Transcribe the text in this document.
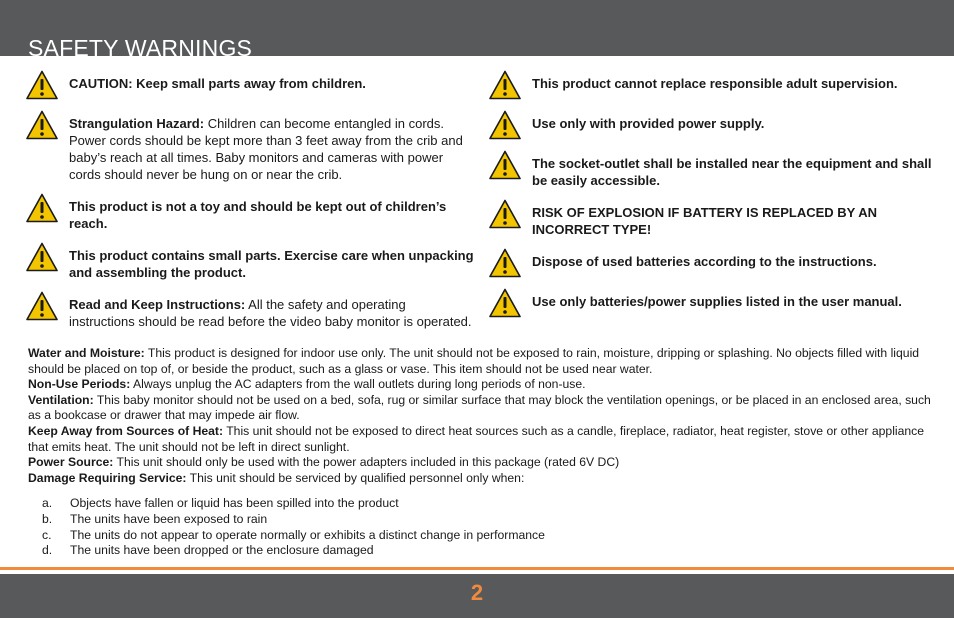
SAFETY WARNINGS
CAUTION: Keep small parts away from children.
Strangulation Hazard: Children can become entangled in cords. Power cords should be kept more than 3 feet away from the crib and baby’s reach at all times. Baby monitors and cameras with power cords should never be hung on or near the crib.
This product is not a toy and should be kept out of children’s reach.
This product contains small parts. Exercise care when unpacking and assembling the product.
Read and Keep Instructions: All the safety and operating instructions should be read before the video baby monitor is operated.
This product cannot replace responsible adult supervision.
Use only with provided power supply.
The socket-outlet shall be installed near the equipment and shall be easily accessible.
RISK OF EXPLOSION IF BATTERY IS REPLACED BY AN INCORRECT TYPE!
Dispose of used batteries according to the instructions.
Use only batteries/power supplies listed in the user manual.

Water and Moisture: This product is designed for indoor use only. The unit should not be exposed to rain, moisture, dripping or splashing. No objects filled with liquid should be placed on top of, or beside the product, such as a glass or vase. This item should not be used near water.

Non-Use Periods: Always unplug the AC adapters from the wall outlets during long periods of non-use.

Ventilation: This baby monitor should not be used on a bed, sofa, rug or similar surface that may block the ventilation openings, or be placed in an enclosed area, such as a bookcase or drawer that may impede air flow.

Keep Away from Sources of Heat: This unit should not be exposed to direct heat sources such as a candle, fireplace, radiator, heat register, stove or other appliance that emits heat. The unit should not be left in direct sunlight.

Power Source: This unit should only be used with the power adapters included in this package (rated 6V DC)

Damage Requiring Service: This unit should be serviced by qualified personnel only when:

a.	Objects have fallen or liquid has been spilled into the product
b.	The units have been exposed to rain
c.	The units do not appear to operate normally or exhibits a distinct change in performance
d.	The units have been dropped or the enclosure damaged
2
